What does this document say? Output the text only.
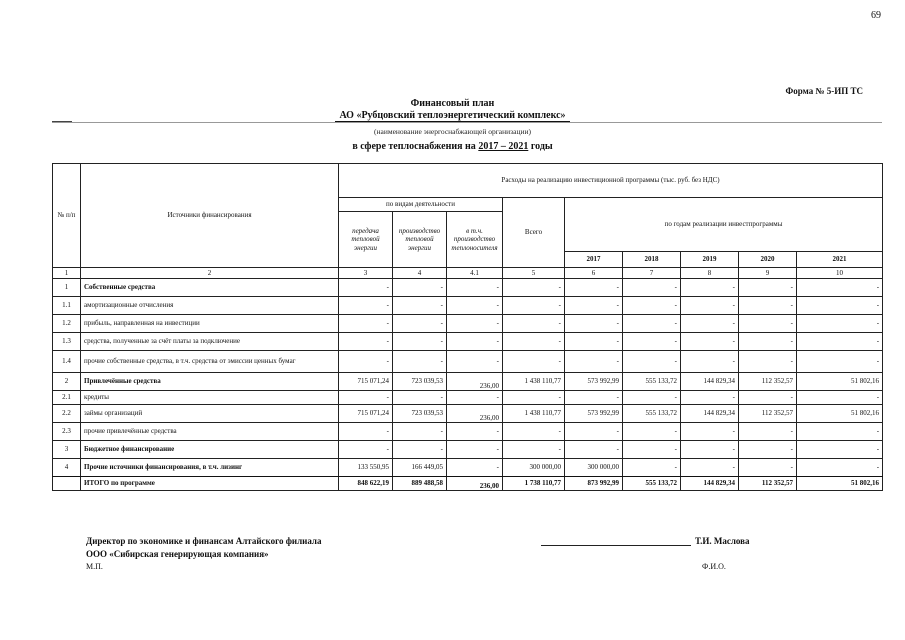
69
Форма № 5-ИП ТС
Финансовый план
АО «Рубцовский теплоэнергетический комплекс»
(наименование энергоснабжающей организации)
в сфере теплоснабжения на 2017 – 2021 годы
№ п/п	Источники финансирования	Расходы на реализацию инвестиционной программы (тыс. руб. без НДС)								
		по видам деятельности			Всего	по годам реализации инвестпрограммы				
		передача тепловой энергии	производство тепловой энергии	в т.ч. производство теплоносителя						
						2017	2018	2019	2020	2021
1	2	3	4	4.1	5	6	7	8	9	10
1	Собственные средства	-	-	-	-	-	-	-	-	-
1.1	амортизационные отчисления	-	-	-	-	-	-	-	-	-
1.2	прибыль, направленная на инвестиции	-	-	-	-	-	-	-	-	-
1.3	средства, полученные за счёт платы за подключение	-	-	-	-	-	-	-	-	-
1.4	прочие собственные средства, в т.ч. средства от эмиссии ценных бумаг	-	-	-	-	-	-	-	-	-
2	Привлечённые средства	715 071,24	723 039,53	236,00	1 438 110,77	573 992,99	555 133,72	144 829,34	112 352,57	51 802,16
2.1	кредиты	-	-	-	-	-	-	-	-	-
2.2	займы организаций	715 071,24	723 039,53	236,00	1 438 110,77	573 992,99	555 133,72	144 829,34	112 352,57	51 802,16
2.3	прочие привлечённые средства	-	-	-	-	-	-	-	-	-
3	Бюджетное финансирование	-	-	-	-	-	-	-	-	-
4	Прочие источники финансирования, в т.ч. лизинг	133 550,95	166 449,05	-	300 000,00	300 000,00	-	-	-	-
	ИТОГО по программе	848 622,19	889 488,58	236,00	1 738 110,77	873 992,99	555 133,72	144 829,34	112 352,57	51 802,16
Директор по экономике и финансам Алтайского филиала
ООО «Сибирская генерирующая компания»
М.П.
Т.И. Маслова
Ф.И.О.
